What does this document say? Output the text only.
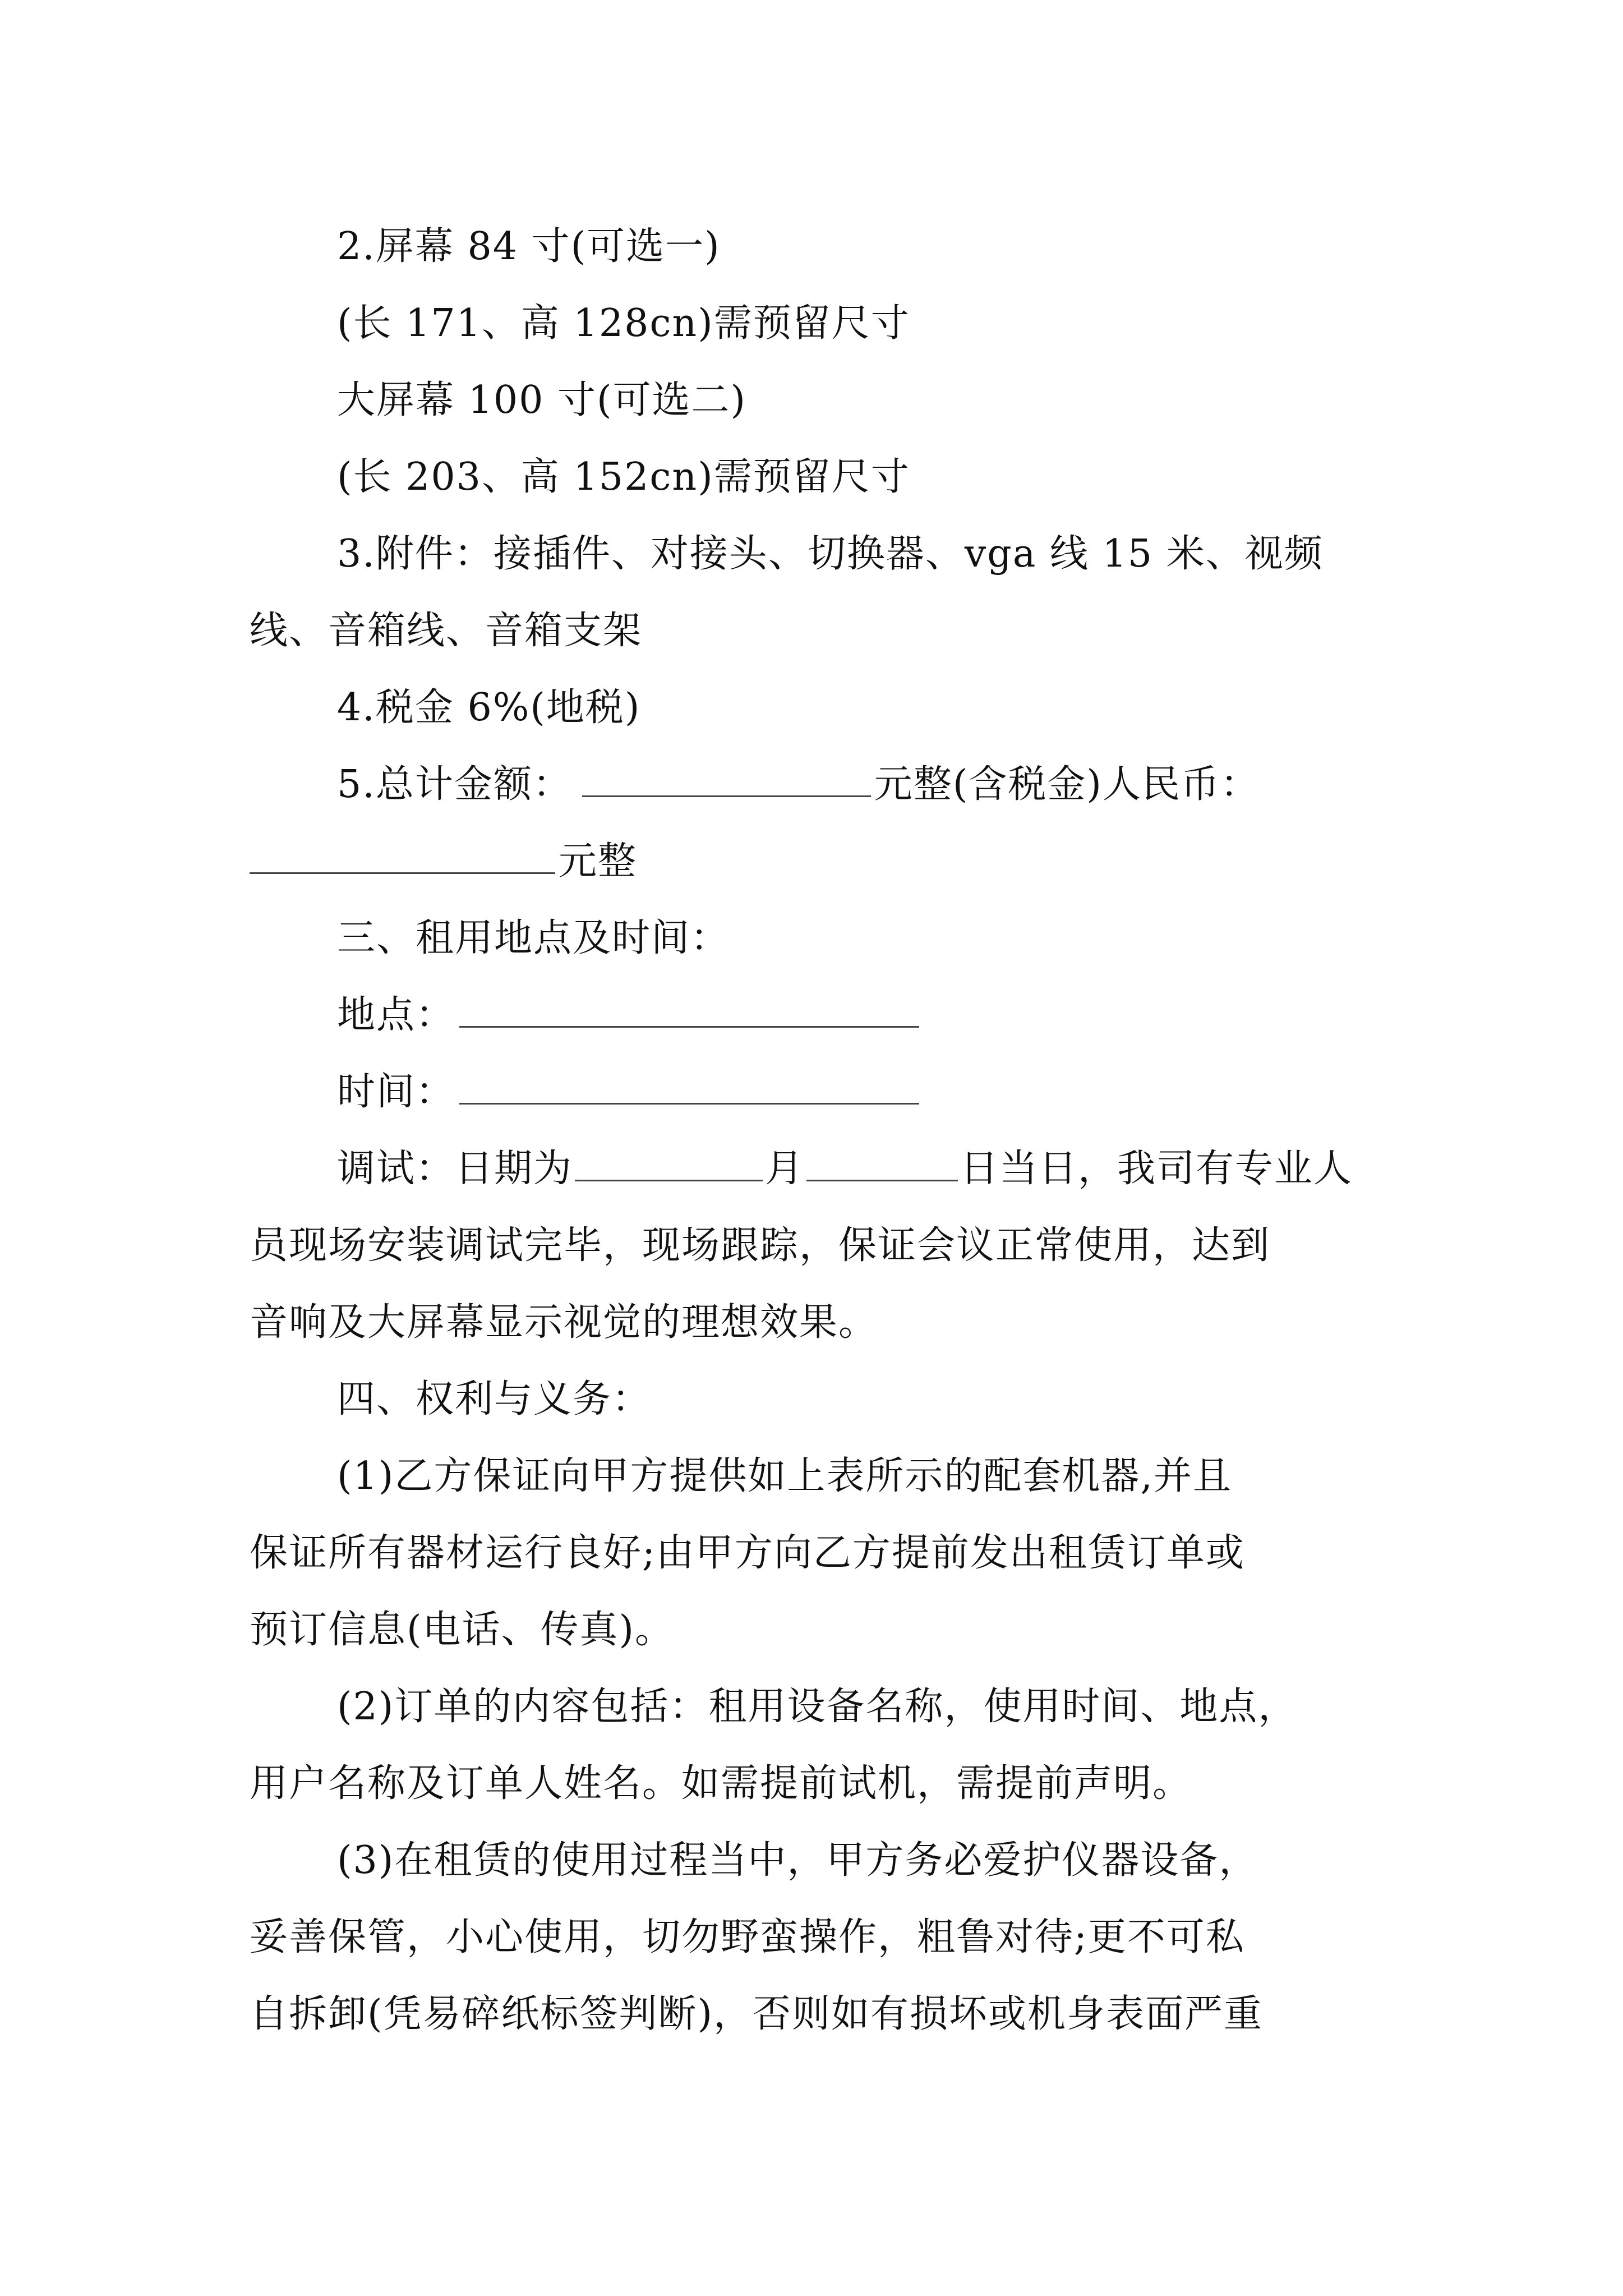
2.屏幕 84 寸(可选一)
(长 171、高 128cn)需预留尺寸
大屏幕 100 寸(可选二)
(长 203、高 152cn)需预留尺寸
3.附件：接插件、对接头、切换器、vga 线 15 米、视频
线、音箱线、音箱支架
4.税金 6%(地税)
5.总计金额：	元整(含税金)人民币：
元整
三、租用地点及时间：
地点：
时间：
调试：日期为	月	日当日，我司有专业人
员现场安装调试完毕，现场跟踪，保证会议正常使用，达到
音响及大屏幕显示视觉的理想效果。
四、权利与义务：
(1)乙方保证向甲方提供如上表所示的配套机器,并且
保证所有器材运行良好;由甲方向乙方提前发出租赁订单或
预订信息(电话、传真)。
(2)订单的内容包括：租用设备名称，使用时间、地点，
用户名称及订单人姓名。如需提前试机，需提前声明。
(3)在租赁的使用过程当中，甲方务必爱护仪器设备，
妥善保管，小心使用，切勿野蛮操作，粗鲁对待;更不可私
自拆卸(凭易碎纸标签判断)，否则如有损坏或机身表面严重
